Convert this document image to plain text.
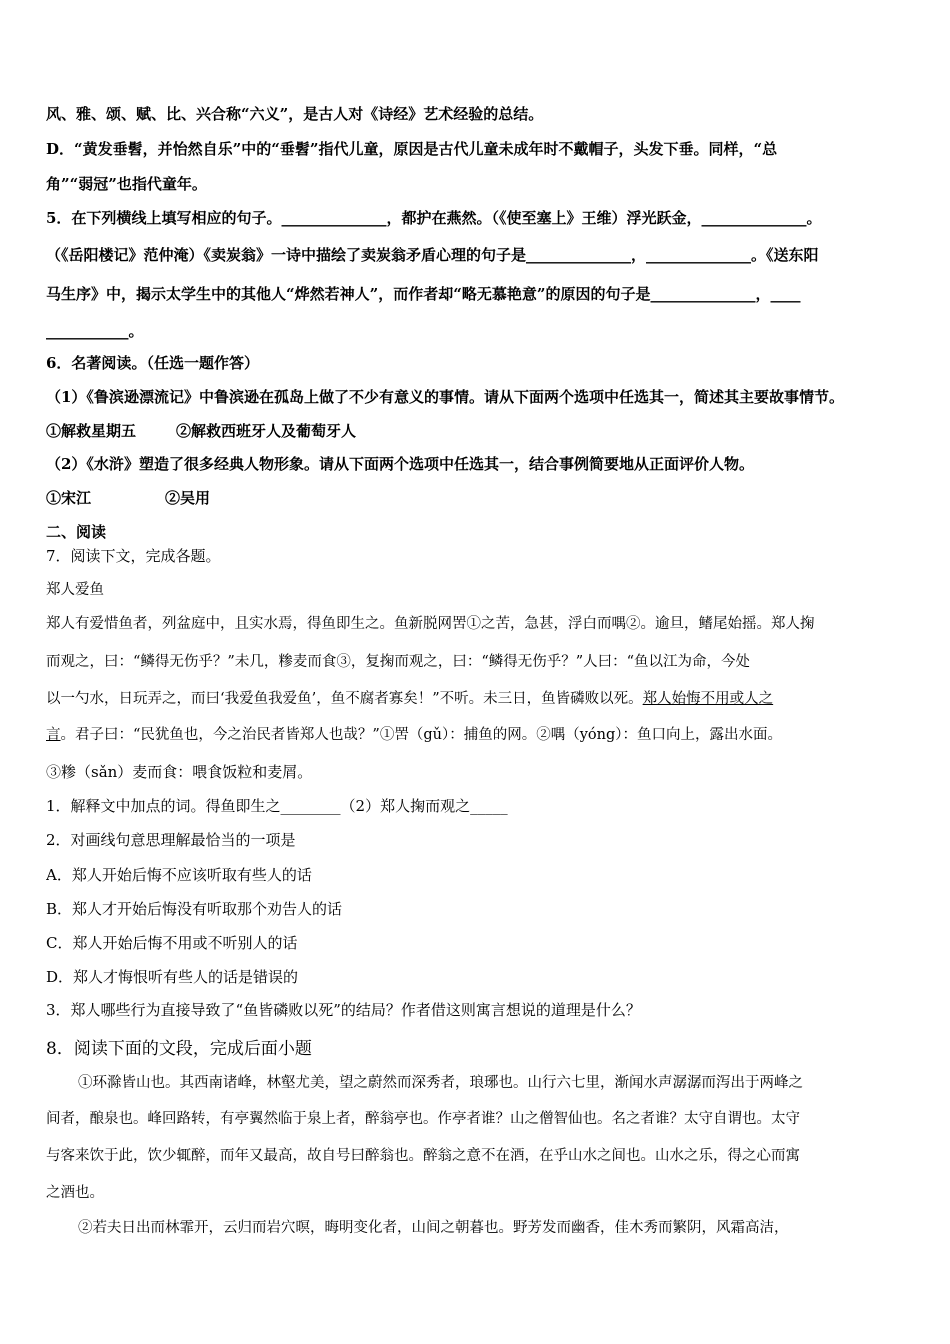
风、雅、颂、赋、比、兴合称“六义”，是古人对《诗经》艺术经验的总结。
D．“黄发垂髫，并怡然自乐”中的“垂髫”指代儿童，原因是古代儿童未成年时不戴帽子，头发下垂。同样，“总
角”“弱冠”也指代童年。
5．在下列横线上填写相应的句子。______________，都护在燕然。（《使至塞上》王维）浮光跃金，______________。
（《岳阳楼记》范仲淹）《卖炭翁》一诗中描绘了卖炭翁矛盾心理的句子是______________，______________。《送东阳
马生序》中，揭示太学生中的其他人“烨然若神人”，而作者却“略无慕艳意”的原因的句子是______________，____
___________。
6．名著阅读。（任选一题作答）
（1）《鲁滨逊漂流记》中鲁滨逊在孤岛上做了不少有意义的事情。请从下面两个选项中任选其一，简述其主要故事情节。
①解救星期五	②解救西班牙人及葡萄牙人
（2）《水浒》塑造了很多经典人物形象。请从下面两个选项中任选其一，结合事例简要地从正面评价人物。
①宋江	②吴用
二、阅读
7．阅读下文，完成各题。
郑人爱鱼
郑人有爱惜鱼者，列盆庭中，且实水焉，得鱼即生之。鱼新脱网罟①之苦，急甚，浮白而喁②。逾旦，鳍尾始摇。郑人掬
而观之，曰：“鳞得无伤乎？”未几，糁麦而食③，复掬而观之，曰：“鳞得无伤乎？”人曰：“鱼以江为命，今处
以一勺水，日玩弄之，而曰‘我爱鱼我爱鱼’，鱼不腐者寡矣！”不听。未三日，鱼皆磷败以死。郑人始悔不用或人之
言。君子曰：“民犹鱼也，今之治民者皆郑人也哉？”①罟（gǔ）：捕鱼的网。②喁（yóng）：鱼口向上，露出水面。
③糁（sǎn）麦而食：喂食饭粒和麦屑。
1．解释文中加点的词。得鱼即生之________（2）郑人掬而观之_____
2．对画线句意思理解最恰当的一项是
A．郑人开始后悔不应该听取有些人的话
B．郑人才开始后悔没有听取那个劝告人的话
C．郑人开始后悔不用或不听别人的话
D．郑人才悔恨听有些人的话是错误的
3．郑人哪些行为直接导致了“鱼皆磷败以死”的结局？作者借这则寓言想说的道理是什么？
8．阅读下面的文段，完成后面小题
①环滁皆山也。其西南诸峰，林壑尤美，望之蔚然而深秀者，琅琊也。山行六七里，渐闻水声潺潺而泻出于两峰之
间者，酿泉也。峰回路转，有亭翼然临于泉上者，醉翁亭也。作亭者谁？山之僧智仙也。名之者谁？太守自谓也。太守
与客来饮于此，饮少辄醉，而年又最高，故自号曰醉翁也。醉翁之意不在酒，在乎山水之间也。山水之乐，得之心而寓
之酒也。
②若夫日出而林霏开，云归而岩穴暝，晦明变化者，山间之朝暮也。野芳发而幽香，佳木秀而繁阴，风霜高洁，
